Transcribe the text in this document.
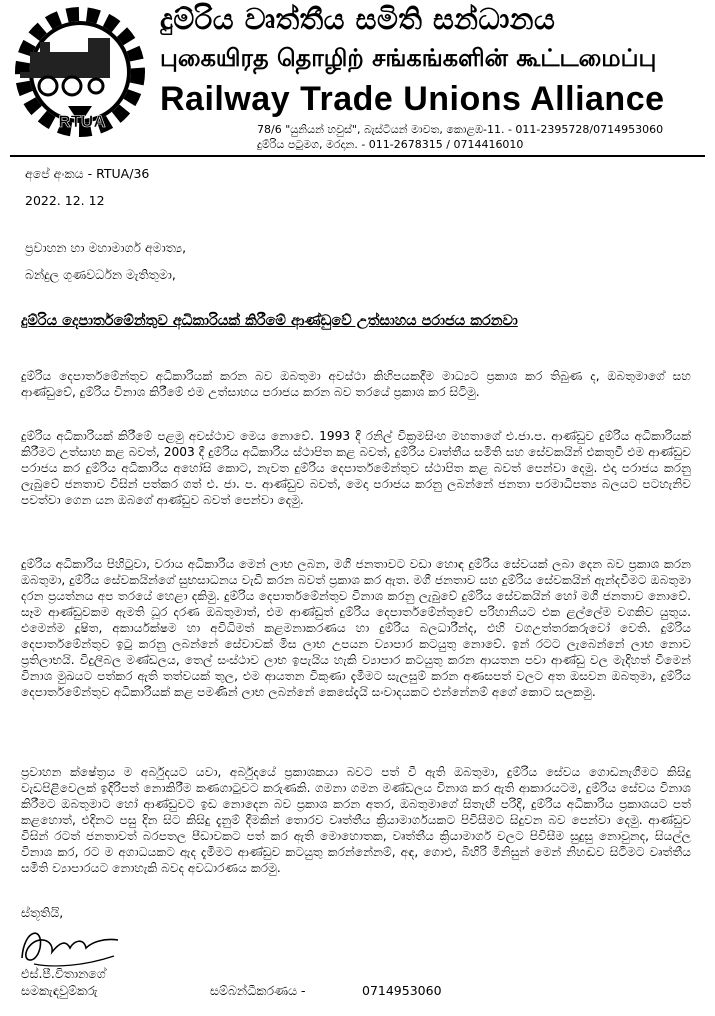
RTUA
දුම්රිය වෘත්තීය සමිති සන්ධානය
புகையிரத தொழிற் சங்கங்களின் கூட்டமைப்பு
Railway Trade Unions Alliance
78/6 "යුනියන් හවුස්", බැස්ටියන් මාවත, කොළඹ-11. - 011-2395728/0714953060
දුම්රිය පටුමග, මරදාන. - 011-2678315 / 0714416010
අපේ අංකය - RTUA/36
2022. 12. 12
ප්‍රවාහන හා මහාමාර්ග අමාත්‍ය,
බන්දුල ගුණවර්ධන මැතිතුමා,
දුම්රිය දෙපාර්තමේන්තුව අධිකාරියක් කිරීමේ ආණ්ඩුවේ උත්සාහය පරාජය කරනවා
දුම්රිය දෙපාර්තමේන්තුව අධිකාරියක් කරන බව ඔබතුමා අවස්ථා කිහිපයකදීම මාධ්‍යට ප්‍රකාශ කර තිබුණ ද, ඔබතුමාගේ සහ ආණ්ඩුවේ, දුම්රිය විනාශ කිරීමේ එම උත්සාහය පරාජය කරන බව තරයේ ප්‍රකාශ කර සිටිමු.
දුම්රිය අධිකාරියක් කිරීමේ පළමු අවස්ථාව මෙය නොවේ. 1993 දී රනිල් වික්‍රමසිංහ මහතාගේ එ.ජා.ප. ආණ්ඩුව දුම්රිය අධිකාරියක් කිරීමට උත්සාහ කළ බවත්, 2003 දී දුම්රිය අධිකාරිය ස්ථාපිත කළ බවත්, දුම්රිය වෘත්තීය සමිති සහ සේවකයින් එකතුවී එම ආණ්ඩුව පරාජය කර දුම්රිය අධිකාරිය අහෝසි කොට, නැවත දුම්රිය දෙපාර්තමේන්තුව ස්ථාපිත කළ බවත් පෙන්වා දෙමු. එදා පරාජය කරනු ලැබුවේ ජනතාව විසින් පත්කර ගත් එ. ජා. ප. ආණ්ඩුව බවත්, මෙදා පරාජය කරනු ලබන්නේ ජනතා පරමාධිපත්‍ය බලයට පටහැනිව පවත්වා ගෙන යන ඔබගේ ආණ්ඩුව බවත් පෙන්වා දෙමු.
දුම්රිය අධිකාරිය පිහිටුවා, වරාය අධිකාරිය මෙන් ලාභ ලබන, මගී ජනතාවට වඩා හොඳ දුම්රිය සේවයක් ලබා දෙන බව ප්‍රකාශ කරන ඔබතුමා, දුම්රිය සේවකයින්ගේ සුභසාධනය වැඩි කරන බවත් ප්‍රකාශ කර ඇත. මගී ජනතාව සහ දුම්රිය සේවකයින් ඇන්දවීමට ඔබතුමා දරන ප්‍රයත්නය අප තරයේ හෙළා දකිමු. දුම්රිය දෙපාර්තමේන්තුව විනාශ කරනු ලැබුවේ දුම්රිය සේවකයින් හෝ මගී ජනතාව නොවේ. සෑම ආණ්ඩුවකම ඇමති ධූර දරණ ඔබතුමාත්, එම ආණ්ඩුත් දුම්රිය දෙපාර්තමේන්තුවේ පරිහානියට එක ළල්ලේම වගකිව යුතුය. එමෙන්ම දූෂිත, අකාර්යක්ෂම හා අවිධිමත් කළමනාකරණය හා දුම්රිය බලධාරීන්ද, එහි වගඋත්තරකරුවෝ වෙති. දුම්රිය දෙපාර්තමේන්තුව ඉටු කරනු ලබන්නේ සේවාවක් මිස ලාභ උපයන ව්‍යාපාර කටයුතු නොවේ. ඉන් රටට ලැබෙන්නේ ලාභ නොව ප්‍රතිලාභයි. විදුලිබල මණ්ඩලය, තෙල් සංස්ථාව ලාභ ඉපැයිය හැකි ව්‍යාපාර කටයුතු කරන ආයතන පවා ආණ්ඩු වල මැදිහත් වීමෙන් විනාශ මුඛයට පත්කර ඇති තත්වයක් තුල, එම ආයතන විකුණා දැමීමට සැලසුම් කරන අණසපත් වලට අත ඔසවන ඔබතුමා, දුම්රිය දෙපාර්තමේන්තුව අධිකාරියක් කළ පමණින් ලාභ ලබන්නේ කෙසේදැයි සංවාදයකට එන්නේනම් අගේ කොට සලකමු.
ප්‍රවාහන ක්ෂේත්‍රය ම අර්බුදයට යවා, අර්බුදයේ ප්‍රකාශකයා බවට පත් වී ඇති ඔබතුමා, දුම්රිය සේවය ගොඩනැගීමට කිසිදු වැඩපිළිවෙලක් ඉදිරිපත් නොකිරීම කණගාටුවට කරුණකි. ගමනා ගමන මණ්ඩලය විනාශ කර ඇති ආකාරයටම, දුම්රිය සේවය විනාශ කිරීමට ඔබතුමාට හෝ ආණ්ඩුවට ඉඩ නොදෙන බව ප්‍රකාශ කරන අතර, ඔබතුමාගේ සිතැඟි පරිදි, දුම්රිය අධිකාරිය ප්‍රකාශයට පත් කළහොත්, එදිනට පසු දින සිට කිසිදු දැනුම් දීමකින් තොරව වෘත්තීය ක්‍රියාමාර්ගයකට පිවිසීමට සිදුවන බව පෙන්වා දෙමු. ආණ්ඩුව විසින් රටත් ජනතාවත් බරපතල පීඩාවකට පත් කර ඇති මොහොතක, වෘත්තීය ක්‍රියාමාර්ග වලට පිවිසීම සුදුසු නොවුනද, සියල්ල විනාශ කර, රට ම අගාධයකට ඇද දැමීමට ආණ්ඩුව කටයුතු කරන්නේනම්, අඳ, ගොළු, බිහිරි මිනිසුන් මෙන් නිහඬව සිටීමට වෘත්තීය සමිති ව්‍යාපාරයට නොහැකි බවද අවධාරණය කරමු.
ස්තූතියි,
එස්.පී.විතානගේ
සමකැඳවුම්කරු	සම්බන්ධීකරණය -	0714953060
